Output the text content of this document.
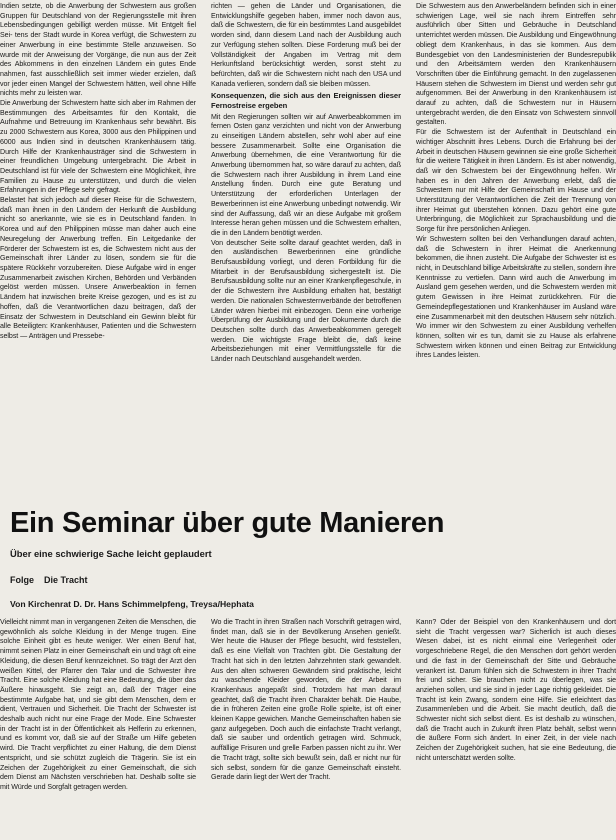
Indien setzte, ob die Anwerbung der Schwestern aus großen Gruppen für Deutschland von der Regierungsstelle mit ihren Lebensbedingungen gebilligt werden müsse. Mit Entgelt fiel Sei- tens der Stadt wurde in Korea verfügt, die Schwestern zu einer Anwerbung in eine bestimmte Stelle anzuweisen. So wurde mit der Anweisung der Vorgänge, die nun aus der Zeit des Abkommens in den einzelnen Ländern ein gutes Ende nahmen, fast ausschließlich seit immer wieder erzielen, daß vor jeder einen Mangel der Schwestern hätten, weil ohne Hilfe nichts mehr zu leisten war.

Die Anwerbung der Schwestern hatte sich aber im Rahmen der Bestimmungen des Arbeitsamtes für den Kontakt, die Aufnahme und Betreuung im Krankenhaus sehr bewährt. Bis zu 2000 Schwestern aus Korea, 3000 aus den Philippinen und 6000 aus Indien sind in deutschen Krankenhäusern tätig. Durch Hilfe der Krankenhausträger sind die Schwestern in einer freundlichen Umgebung untergebracht. Die Arbeit in Deutschland ist für viele der Schwestern eine Möglichkeit, ihre Familien zu Hause zu unterstützen, und durch die vielen Erfahrungen in der Pflege sehr gefragt.

Belastet hat sich jedoch auf dieser Reise für die Schwestern, daß man ihnen in den Ländern der Herkunft die Ausbildung nicht so anerkannte, wie sie es in Deutschland fanden. In Korea und auf den Philippinen müsse man daher auch eine Neuregelung der Anwerbung treffen. Ein Leitgedanke der Förderer der Schwestern ist es, die Schwestern nicht aus der Gemeinschaft ihrer Länder zu lösen, sondern sie für die spätere Rückkehr vorzubereiten. Diese Aufgabe wird in enger Zusammenarbeit zwischen Kirchen, Behörden und Verbänden gelöst werden müssen. Unsere Anwerbeaktion in fernen Ländern hat inzwischen breite Kreise gezogen, und es ist zu hoffen, daß die Verantwortlichen dazu beitragen, daß der Einsatz der Schwestern in Deutschland ein Gewinn bleibt für alle Beteiligten: Krankenhäuser, Patienten und die Schwestern selbst — Anträgen und Pressebe-

richten — gehen die Länder und Organisationen, die Entwicklungshilfe gegeben haben, immer noch davon aus, daß die Schwestern, die für ein bestimmtes Land ausgebildet worden sind, dann diesem Land nach der Ausbildung auch zur Verfügung stehen sollten. Diese Forderung muß bei der Vollständigkeit der Angaben im Vertrag mit dem Herkunftsland berücksichtigt werden, sonst steht zu befürchten, daß wir die Schwestern nicht nach den USA und Kanada verlieren, sondern daß sie bleiben müssen.

Konsequenzen, die sich aus den Ereignissen dieser Fernostreise ergeben

Mit den Regierungen sollten wir auf Anwerbeabkommen im fernen Osten ganz verzichten und nicht von der Anwerbung zu einseitigen Ländern abstellen, sehr wohl aber auf eine bessere Zusammenarbeit. Sollte eine Organisation die Anwerbung übernehmen, die eine Verantwortung für die Anwerbung übernommen hat, so wäre darauf zu achten, daß die Schwestern nach ihrer Ausbildung in ihrem Land eine Anstellung finden. Durch eine gute Beratung und Unterstützung der erforderlichen Unterlagen der Bewerberinnen ist eine Anwerbung unbedingt notwendig. Wir sind der Auffassung, daß wir an diese Aufgabe mit großem Interesse heran gehen müssen und die Schwestern erhalten, die in den Ländern benötigt werden.

Von deutscher Seite sollte darauf geachtet werden, daß in den ausländischen Bewerberinnen eine gründliche Berufsausbildung vorliegt, und deren Fortbildung für die Mitarbeit in der Berufsausbildung sichergestellt ist. Die Berufsausbildung sollte nur an einer Krankenpflegeschule, in der die Schwestern ihre Ausbildung erhalten hat, bestätigt werden. Die nationalen Schwesternverbände der betroffenen Länder wären hierbei mit einbezogen. Denn eine vorherige Überprüfung der Ausbildung und der Dokumente durch die Deutschen sollte durch das Anwerbeabkommen geregelt werden. Die wichtigste Frage bleibt die, daß keine Arbeitsbeziehungen mit einer Vermittlungsstelle für die Länder nach Deutschland ausgehandelt werden.

Die Schwestern aus den Anwerbeländern befinden sich in einer schwierigen Lage, weil sie nach ihrem Eintreffen sehr ausführlich über Sitten und Gebräuche in Deutschland unterrichtet werden müssen. Die Ausbildung und Eingewöhnung obliegt dem Krankenhaus, in das sie kommen. Aus dem Bundesgebiet von den Landesministerien der Bundesrepublik und den Arbeitsämtern werden den Krankenhäusern Vorschriften über die Einführung gemacht. In den zugelassenen Häusern stehen die Schwestern im Dienst und werden sehr gut aufgenommen. Bei der Anwerbung in den Krankenhäusern ist darauf zu achten, daß die Schwestern nur in Häusern untergebracht werden, die den Einsatz von Schwestern sinnvoll gestalten.

Für die Schwestern ist der Aufenthalt in Deutschland ein wichtiger Abschnitt ihres Lebens. Durch die Erfahrung bei der Arbeit in deutschen Häusern gewinnen sie eine große Sicherheit für die weitere Tätigkeit in ihren Ländern. Es ist aber notwendig, daß wir den Schwestern bei der Eingewöhnung helfen. Wir haben es in den Jahren der Anwerbung erlebt, daß die Schwestern nur mit Hilfe der Gemeinschaft im Hause und der Unterstützung der Verantwortlichen die Zeit der Trennung von ihrer Heimat gut überstehen können. Dazu gehört eine gute Unterbringung, die Möglichkeit zur Sprachausbildung und die Sorge für ihre persönlichen Anliegen.

Wir Schwestern sollten bei den Verhandlungen darauf achten, daß die Schwestern in ihrer Heimat die Anerkennung bekommen, die ihnen zusteht. Die Aufgabe der Schwester ist es nicht, in Deutschland billige Arbeitskräfte zu stellen, sondern ihre Kenntnisse zu vertiefen. Dann wird auch die Anwerbung im Ausland gern gesehen werden, und die Schwestern werden mit gutem Gewissen in ihre Heimat zurückkehren. Für die Gemeindepflegestationen und Krankenhäuser im Ausland wäre eine Zusammenarbeit mit den deutschen Häusern sehr nützlich. Wo immer wir den Schwestern zu einer Ausbildung verhelfen können, sollten wir es tun, damit sie zu Hause als erfahrene Schwestern wirken können und einen Beitrag zur Entwicklung ihres Landes leisten.

Ein Seminar über gute Manieren
Über eine schwierige Sache leicht geplaudert
Folge Die Tracht
Von Kirchenrat D. Dr. Hans Schimmelpfeng, Treysa/Hephata

Vielleicht nimmt man in vergangenen Zeiten die Menschen, die gewöhnlich als solche Kleidung in der Menge trugen. Eine solche Einheit gibt es heute weniger. Wer einen Beruf hat, nimmt seinen Platz in einer Gemeinschaft ein und trägt oft eine Kleidung, die diesen Beruf kennzeichnet. So trägt der Arzt den weißen Kittel, der Pfarrer den Talar und die Schwester ihre Tracht. Eine solche Kleidung hat eine Bedeutung, die über das Äußere hinausgeht. Sie zeigt an, daß der Träger eine bestimmte Aufgabe hat, und sie gibt dem Menschen, dem er dient, Vertrauen und Sicherheit. Die Tracht der Schwester ist deshalb auch nicht nur eine Frage der Mode. Eine Schwester in der Tracht ist in der Öffentlichkeit als Helferin zu erkennen, und es kommt vor, daß sie auf der Straße um Hilfe gebeten wird. Die Tracht verpflichtet zu einer Haltung, die dem Dienst entspricht, und sie schützt zugleich die Trägerin. Sie ist ein Zeichen der Zugehörigkeit zu einer Gemeinschaft, die sich dem Dienst am Nächsten verschrieben hat. Deshalb sollte sie mit Würde und Sorgfalt getragen werden.

Wo die Tracht in ihren Straßen nach Vorschrift getragen wird, findet man, daß sie in der Bevölkerung Ansehen genießt. Wer heute die Häuser der Pflege besucht, wird feststellen, daß es eine Vielfalt von Trachten gibt. Die Gestaltung der Tracht hat sich in den letzten Jahrzehnten stark gewandelt. Aus den alten schweren Gewändern sind praktische, leicht zu waschende Kleider geworden, die der Arbeit im Krankenhaus angepaßt sind. Trotzdem hat man darauf geachtet, daß die Tracht ihren Charakter behält. Die Haube, die in früheren Zeiten eine große Rolle spielte, ist oft einer kleinen Kappe gewichen. Manche Gemeinschaften haben sie ganz aufgegeben. Doch auch die einfachste Tracht verlangt, daß sie sauber und ordentlich getragen wird. Schmuck, auffällige Frisuren und grelle Farben passen nicht zu ihr. Wer die Tracht trägt, sollte sich bewußt sein, daß er nicht nur für sich selbst, sondern für die ganze Gemeinschaft einsteht. Gerade darin liegt der Wert der Tracht.

Kann? Oder der Beispiel von den Krankenhäusern und dort sieht die Tracht vergessen war? Sicherlich ist auch dieses Wesen dabei, ist es nicht einmal eine Verlegenheit oder vorgeschriebene Regel, die den Menschen dort gehört werden und die fast in der Gemeinschaft der Sitte und Gebräuche verankert ist. Darum fühlen sich die Schwestern in ihrer Tracht frei und sicher. Sie brauchen nicht zu überlegen, was sie anziehen sollen, und sie sind in jeder Lage richtig gekleidet. Die Tracht ist kein Zwang, sondern eine Hilfe. Sie erleichtert das Zusammenleben und die Arbeit. Sie macht deutlich, daß die Schwester nicht sich selbst dient. Es ist deshalb zu wünschen, daß die Tracht auch in Zukunft ihren Platz behält, selbst wenn die äußere Form sich ändert. In einer Zeit, in der viele nach Zeichen der Zugehörigkeit suchen, hat sie eine Bedeutung, die nicht unterschätzt werden sollte.
